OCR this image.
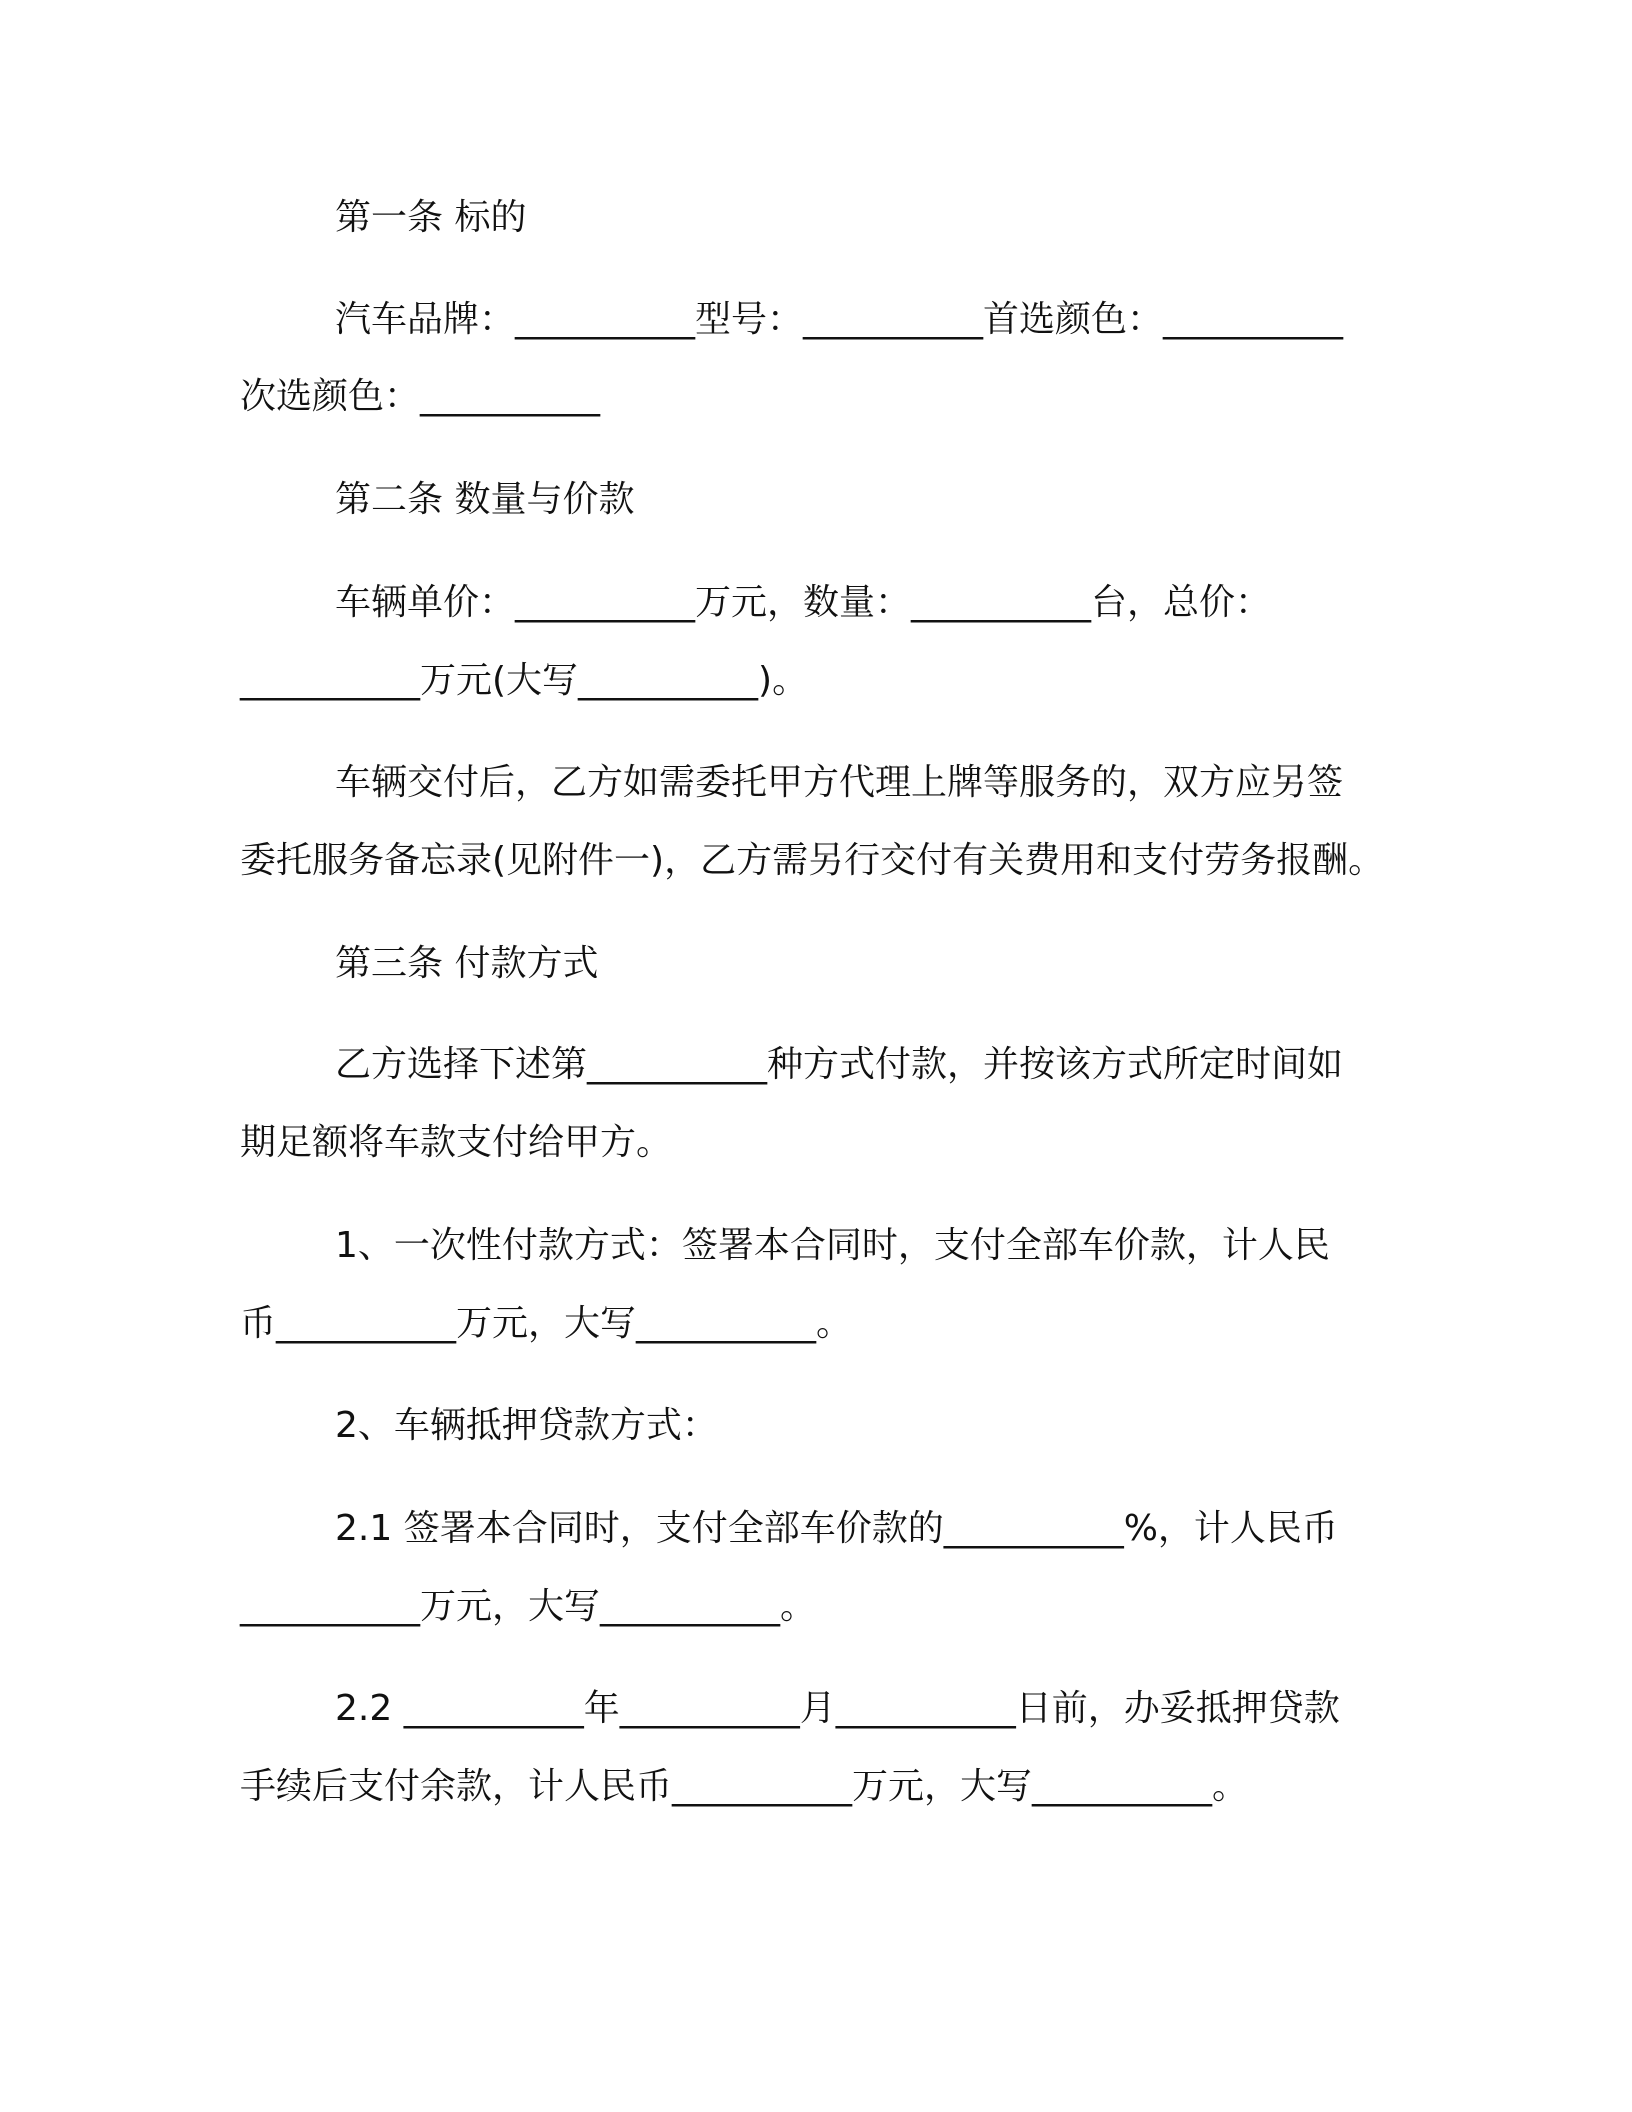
第一条 标的
汽车品牌：__________型号：__________首选颜色：__________
次选颜色：__________
第二条 数量与价款
车辆单价：__________万元，数量：__________台，总价：
__________万元(大写__________)。
车辆交付后，乙方如需委托甲方代理上牌等服务的，双方应另签
委托服务备忘录(见附件一)，乙方需另行交付有关费用和支付劳务报酬。
第三条 付款方式
乙方选择下述第__________种方式付款，并按该方式所定时间如
期足额将车款支付给甲方。
1、一次性付款方式：签署本合同时，支付全部车价款，计人民
币__________万元，大写__________。
2、车辆抵押贷款方式：
2.1 签署本合同时，支付全部车价款的__________%，计人民币
__________万元，大写__________。
2.2 __________年__________月__________日前，办妥抵押贷款
手续后支付余款，计人民币__________万元，大写__________。
